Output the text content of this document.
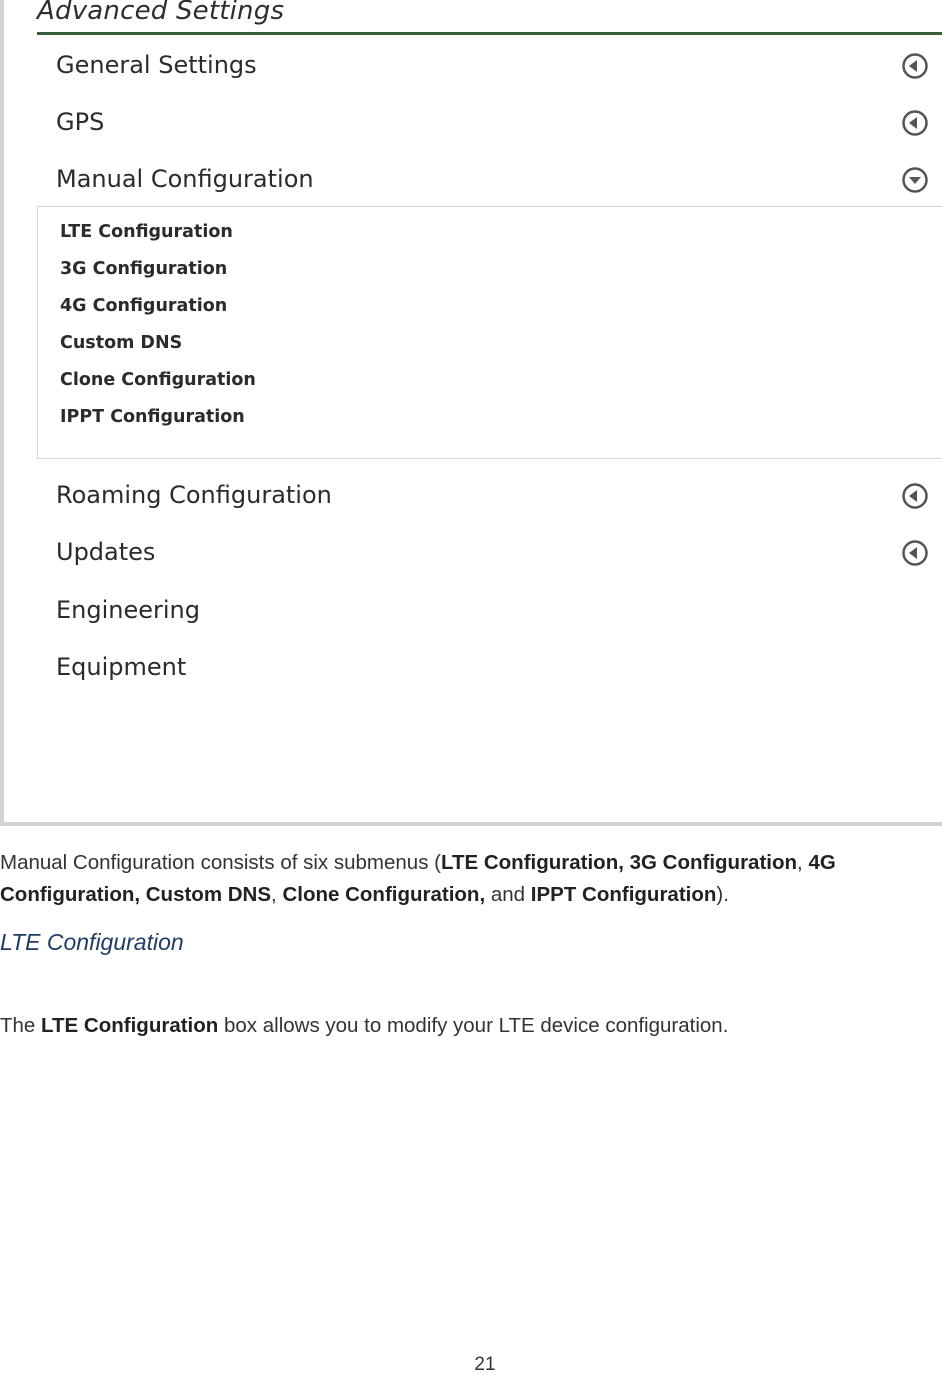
Advanced Settings
General Settings
GPS
Manual Configuration
LTE Configuration
3G Configuration
4G Configuration
Custom DNS
Clone Configuration
IPPT Configuration
Roaming Configuration
Updates
Engineering
Equipment
Manual Configuration consists of six submenus (LTE Configuration, 3G Configuration, 4G Configuration, Custom DNS, Clone Configuration, and IPPT Configuration).
LTE Configuration
The LTE Configuration box allows you to modify your LTE device configuration.
21
